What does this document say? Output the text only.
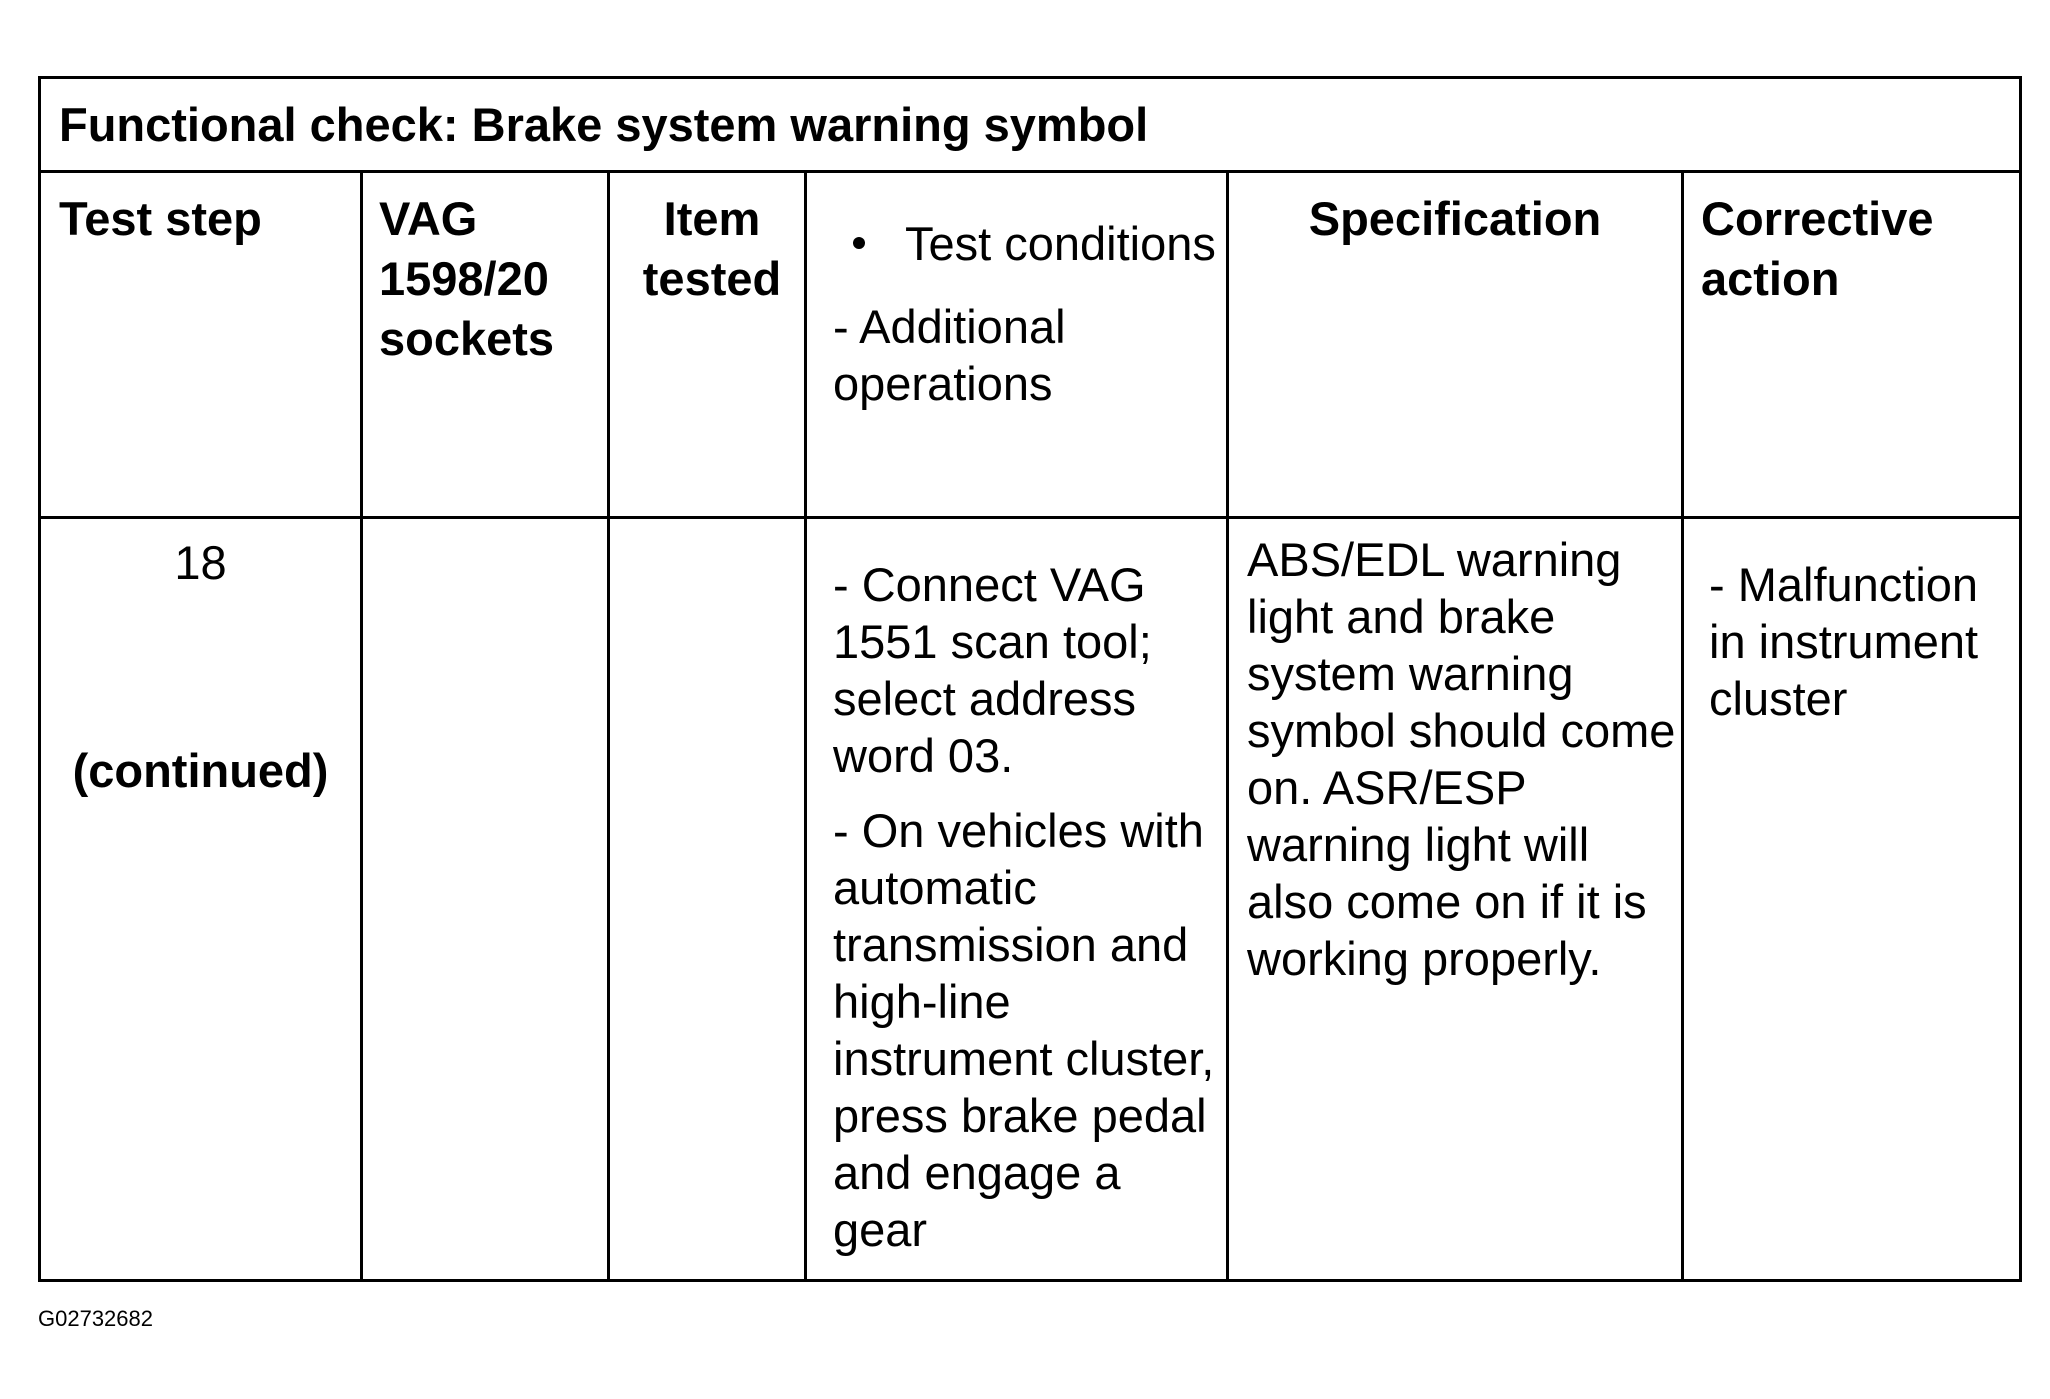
Functional check: Brake system warning symbol
Test step	VAG 1598/20 sockets
Item tested
Test conditions
- Additional operations
Specification	Corrective action
18
(continued)
- Connect VAG 1551 scan tool; select address word 03.
- On vehicles with automatic transmission and high-line instrument cluster, press brake pedal and engage a gear
ABS/EDL warning light and brake system warning symbol should come on. ASR/ESP warning light will also come on if it is working properly.
- Malfunction in instrument cluster
G02732682
